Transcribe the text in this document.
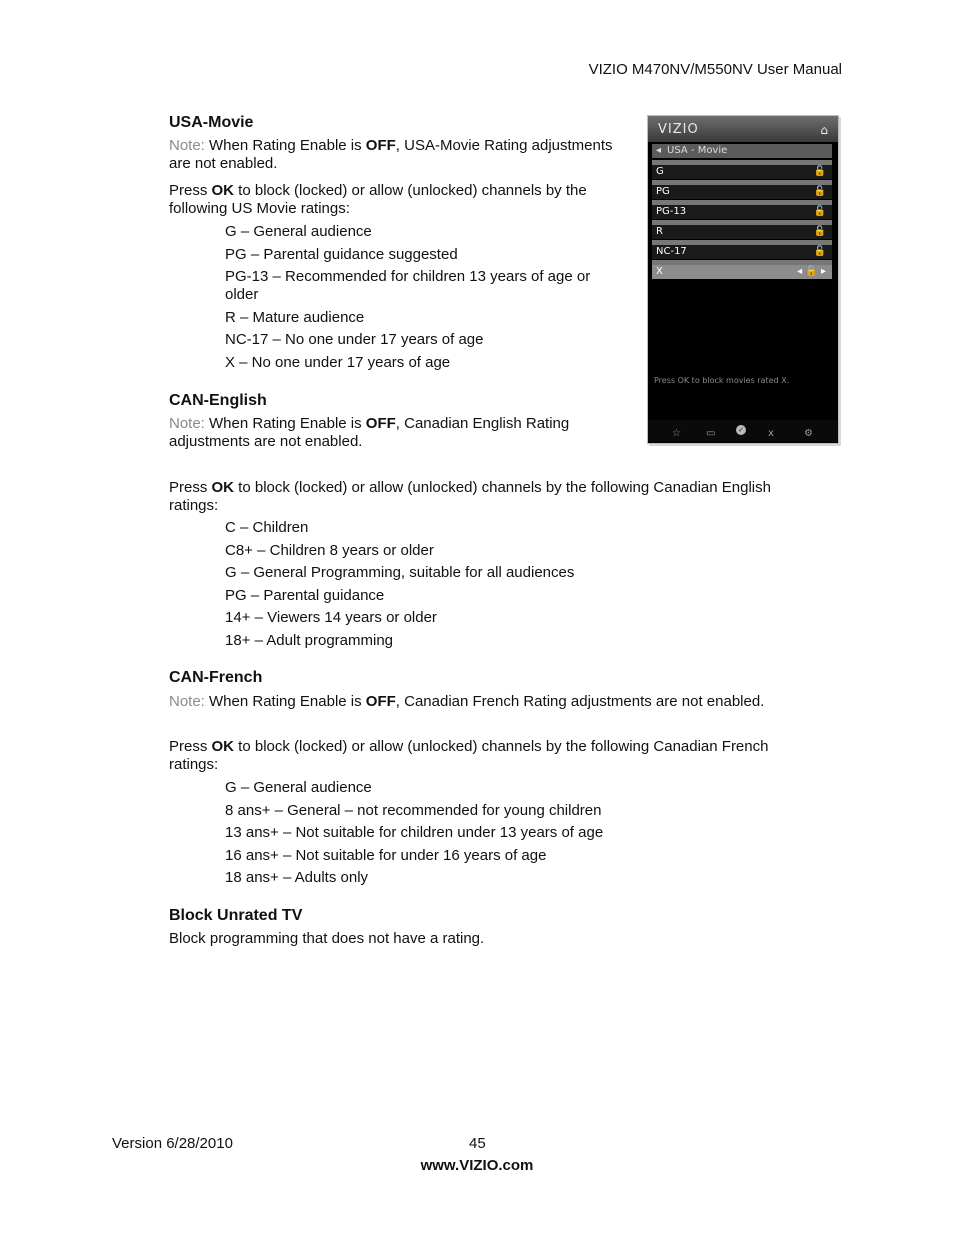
VIZIO M470NV/M550NV User Manual
USA-Movie
Note: When Rating Enable is OFF, USA-Movie Rating adjustments are not enabled.
Press OK to block (locked) or allow (unlocked) channels by the following US Movie ratings:
G – General audience
PG – Parental guidance suggested
PG-13 – Recommended for children 13 years of age or older
R – Mature audience
NC-17 – No one under 17 years of age
X – No one under 17 years of age
VIZIO	⌂
◂ USA - Movie
G	🔓
PG	🔓
PG-13	🔓
R	🔓
NC-17	🔓
X	◂ 🔓 ▸
Press OK to block movies rated X.
☆	▭	✓ x	⚙
CAN-English
Note: When Rating Enable is OFF, Canadian English Rating adjustments are not enabled.
Press OK to block (locked) or allow (unlocked) channels by the following Canadian English ratings:
C – Children
C8+ – Children 8 years or older
G – General Programming, suitable for all audiences
PG – Parental guidance
14+ – Viewers 14 years or older
18+ – Adult programming
CAN-French
Note: When Rating Enable is OFF, Canadian French Rating adjustments are not enabled.
Press OK to block (locked) or allow (unlocked) channels by the following Canadian French ratings:
G – General audience
8 ans+ – General – not recommended for young children
13 ans+ – Not suitable for children under 13 years of age
16 ans+ – Not suitable for under 16 years of age
18 ans+ – Adults only
Block Unrated TV
Block programming that does not have a rating.
Version 6/28/2010	45
www.VIZIO.com
